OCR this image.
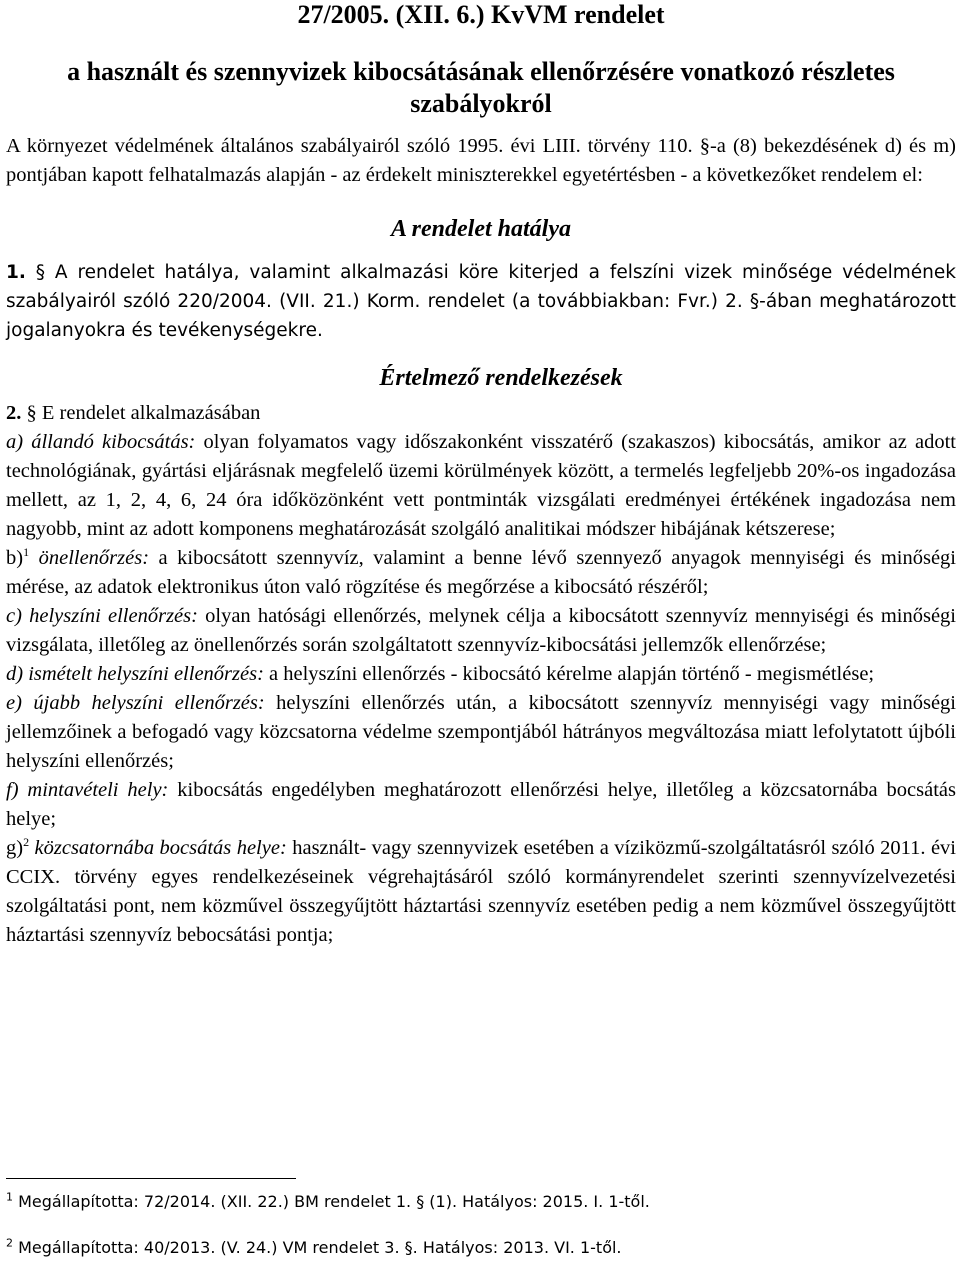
27/2005. (XII. 6.) KvVM rendelet

a használt és szennyvizek kibocsátásának ellenőrzésére vonatkozó részletes szabályokról

A környezet védelmének általános szabályairól szóló 1995. évi LIII. törvény 110. §-a (8) bekezdésének d) és m) pontjában kapott felhatalmazás alapján - az érdekelt miniszterekkel egyetértésben - a következőket rendelem el:

A rendelet hatálya

1. § A rendelet hatálya, valamint alkalmazási köre kiterjed a felszíni vizek minősége védelmének szabályairól szóló 220/2004. (VII. 21.) Korm. rendelet (a továbbiakban: Fvr.) 2. §-ában meghatározott jogalanyokra és tevékenységekre.

Értelmező rendelkezések

2. § E rendelet alkalmazásában

a) állandó kibocsátás: olyan folyamatos vagy időszakonként visszatérő (szakaszos) kibocsátás, amikor az adott technológiának, gyártási eljárásnak megfelelő üzemi körülmények között, a termelés legfeljebb 20%-os ingadozása mellett, az 1, 2, 4, 6, 24 óra időközönként vett pontminták vizsgálati eredményei értékének ingadozása nem nagyobb, mint az adott komponens meghatározását szolgáló analitikai módszer hibájának kétszerese;

b)$^1$ önellenőrzés: a kibocsátott szennyvíz, valamint a benne lévő szennyező anyagok mennyiségi és minőségi mérése, az adatok elektronikus úton való rögzítése és megőrzése a kibocsátó részéről;

c) helyszíni ellenőrzés: olyan hatósági ellenőrzés, melynek célja a kibocsátott szennyvíz mennyiségi és minőségi vizsgálata, illetőleg az önellenőrzés során szolgáltatott szennyvíz-kibocsátási jellemzők ellenőrzése;

d) ismételt helyszíni ellenőrzés: a helyszíni ellenőrzés - kibocsátó kérelme alapján történő - megismétlése;

e) újabb helyszíni ellenőrzés: helyszíni ellenőrzés után, a kibocsátott szennyvíz mennyiségi vagy minőségi jellemzőinek a befogadó vagy közcsatorna védelme szempontjából hátrányos megváltozása miatt lefolytatott újbóli helyszíni ellenőrzés;

f) mintavételi hely: kibocsátás engedélyben meghatározott ellenőrzési helye, illetőleg a közcsatornába bocsátás helye;

g)$^2$ közcsatornába bocsátás helye: használt- vagy szennyvizek esetében a víziközmű-szolgáltatásról szóló 2011. évi CCIX. törvény egyes rendelkezéseinek végrehajtásáról szóló kormányrendelet szerinti szennyvízelvezetési szolgáltatási pont, nem közművel összegyűjtött háztartási szennyvíz esetében pedig a nem közművel összegyűjtött háztartási szennyvíz bebocsátási pontja;

$^1$ Megállapította: 72/2014. (XII. 22.) BM rendelet 1. § (1). Hatályos: 2015. I. 1-től.
$^2$ Megállapította: 40/2013. (V. 24.) VM rendelet 3. §. Hatályos: 2013. VI. 1-től.
